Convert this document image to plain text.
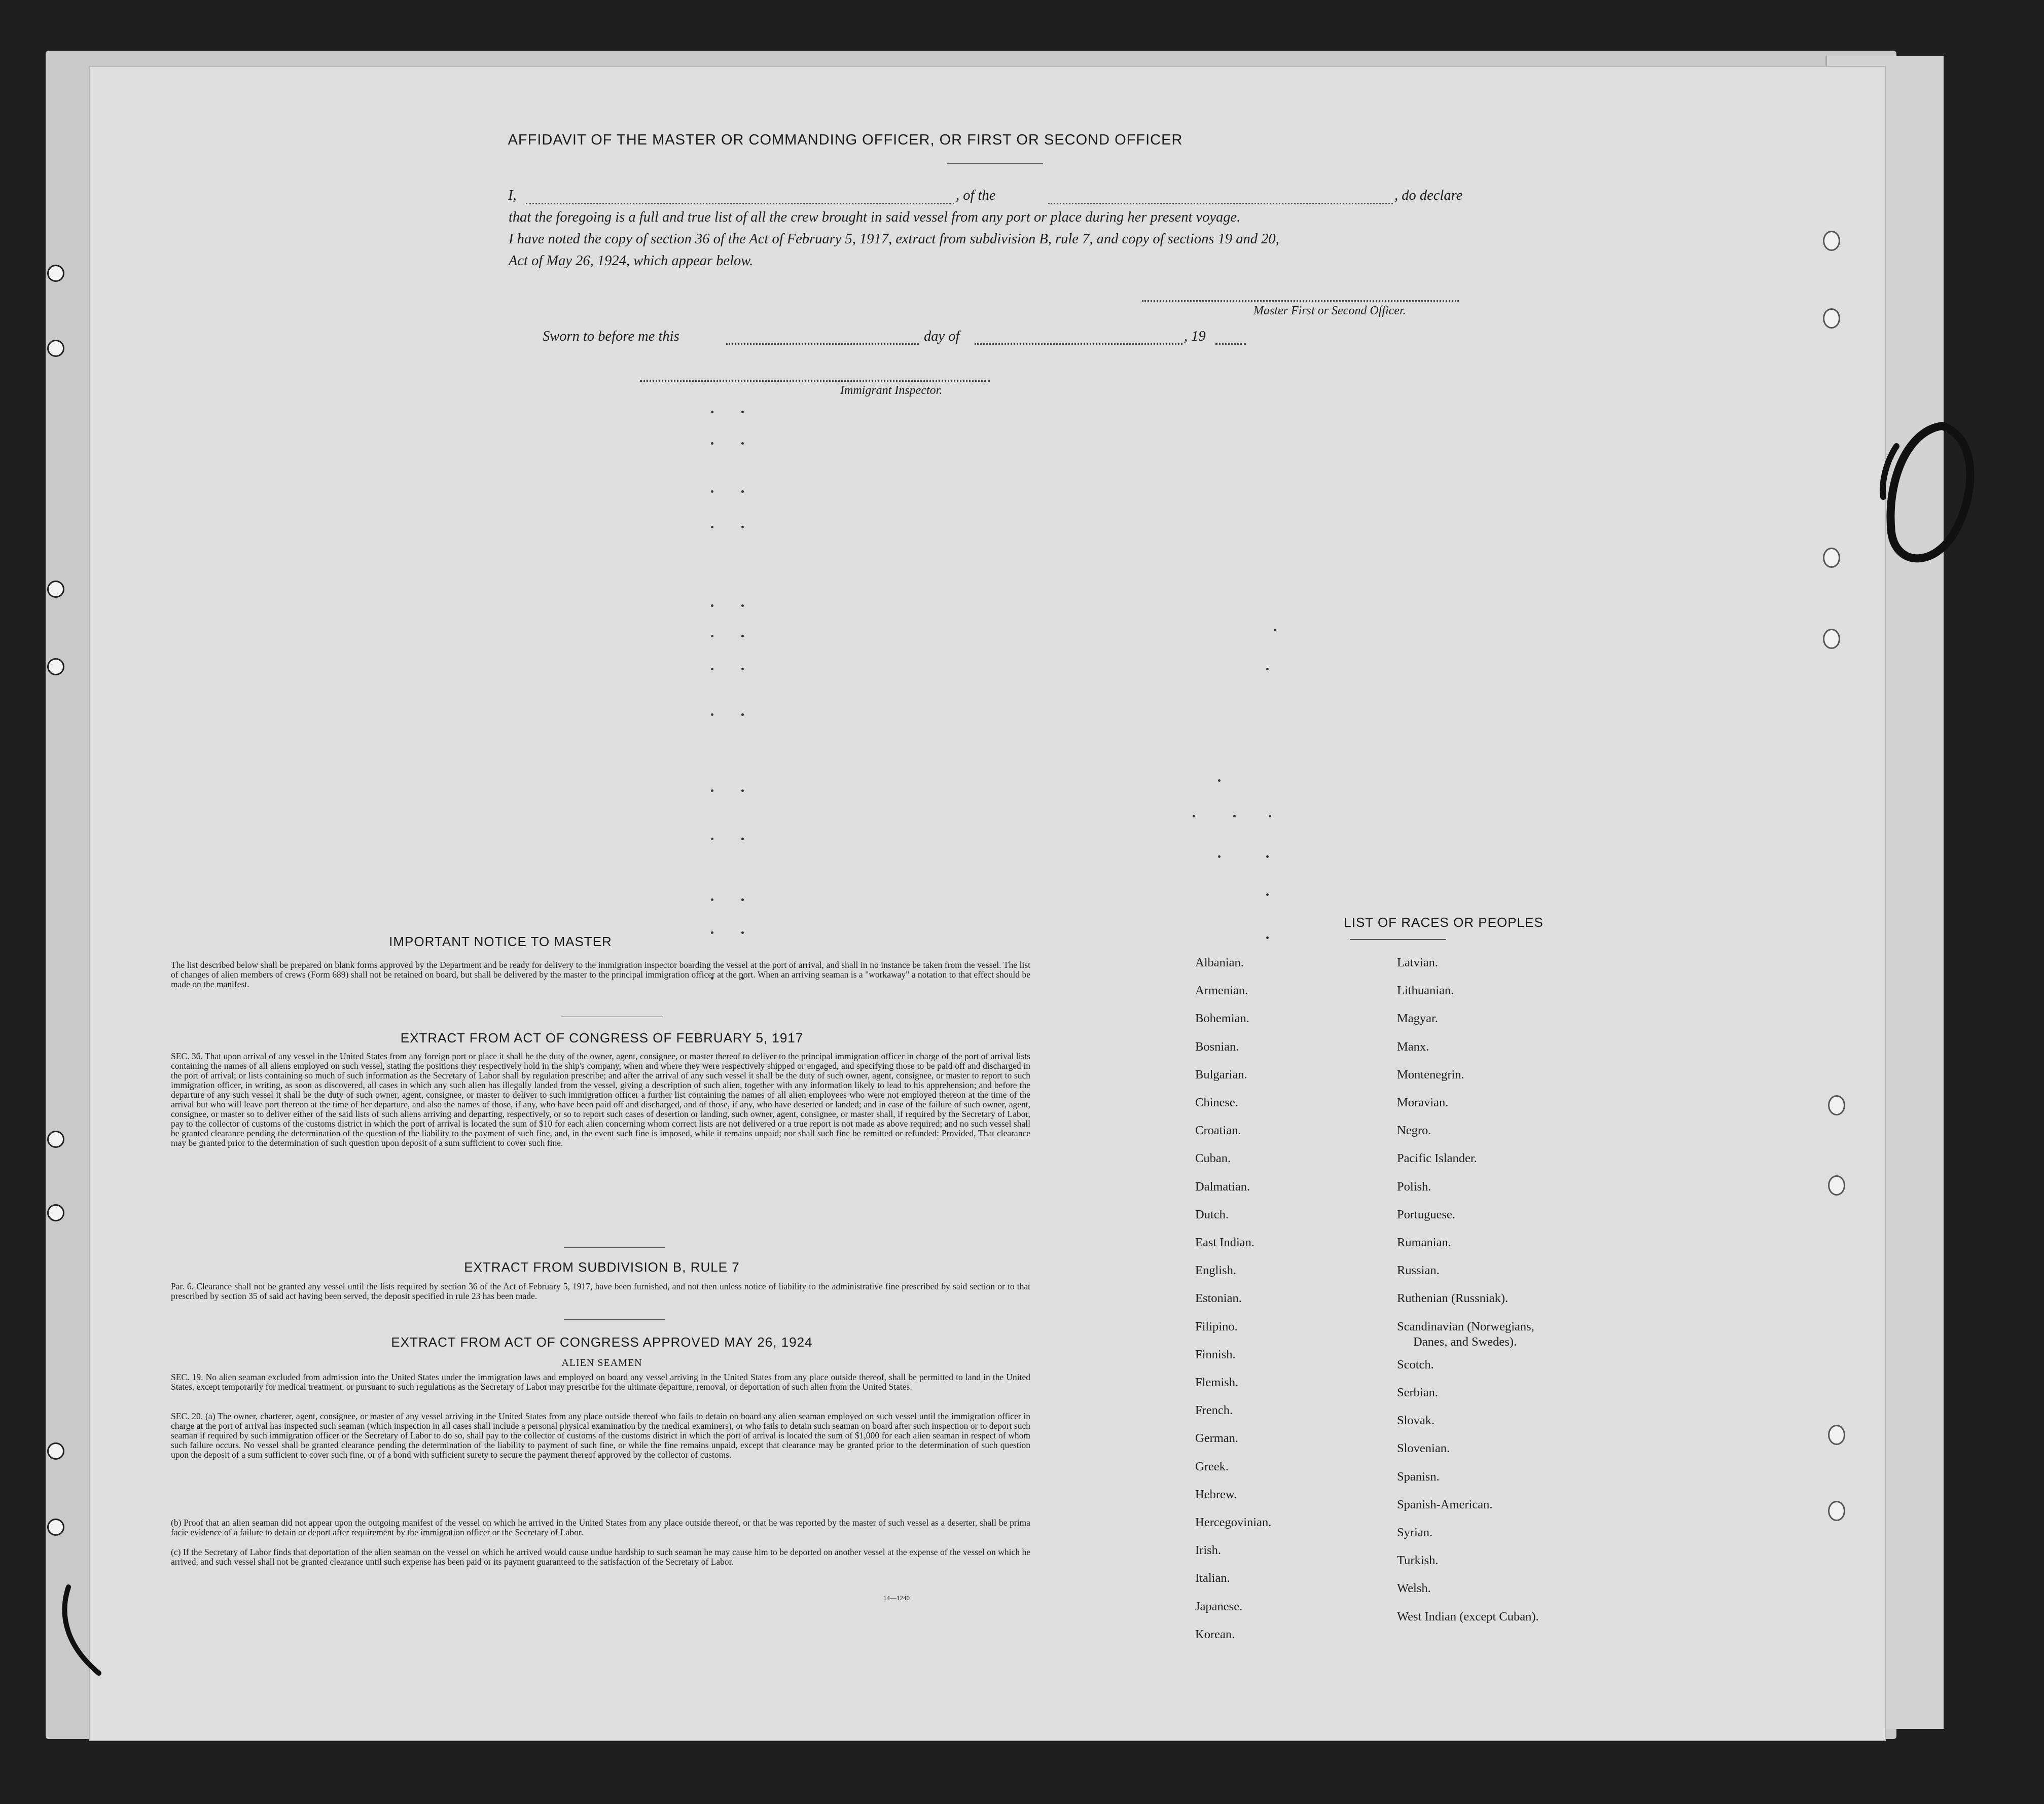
AFFIDAVIT OF THE MASTER OR COMMANDING OFFICER, OR FIRST OR SECOND OFFICER
I,	, of the	, do declare
that the foregoing is a full and true list of all the crew brought in said vessel from any port or place during her present voyage.
I have noted the copy of section 36 of the Act of February 5, 1917, extract from subdivision B, rule 7, and copy of sections 19 and 20,
Act of May 26, 1924, which appear below.
Master First or Second Officer.
Sworn to before me this	day of	, 19
Immigrant Inspector.
IMPORTANT NOTICE TO MASTER
The list described below shall be prepared on blank forms approved by the Department and be ready for delivery to the immigration inspector boarding the vessel at the port of arrival, and shall in no instance be taken from the vessel. The list of changes of alien members of crews (Form 689) shall not be retained on board, but shall be delivered by the master to the principal immigration officer at the port. When an arriving seaman is a "workaway" a notation to that effect should be made on the manifest.
EXTRACT FROM ACT OF CONGRESS OF FEBRUARY 5, 1917
SEC. 36. That upon arrival of any vessel in the United States from any foreign port or place it shall be the duty of the owner, agent, consignee, or master thereof to deliver to the principal immigration officer in charge of the port of arrival lists containing the names of all aliens employed on such vessel, stating the positions they respectively hold in the ship's company, when and where they were respectively shipped or engaged, and specifying those to be paid off and discharged in the port of arrival; or lists containing so much of such information as the Secretary of Labor shall by regulation prescribe; and after the arrival of any such vessel it shall be the duty of such owner, agent, consignee, or master to report to such immigration officer, in writing, as soon as discovered, all cases in which any such alien has illegally landed from the vessel, giving a description of such alien, together with any information likely to lead to his apprehension; and before the departure of any such vessel it shall be the duty of such owner, agent, consignee, or master to deliver to such immigration officer a further list containing the names of all alien employees who were not employed thereon at the time of the arrival but who will leave port thereon at the time of her departure, and also the names of those, if any, who have been paid off and discharged, and of those, if any, who have deserted or landed; and in case of the failure of such owner, agent, consignee, or master so to deliver either of the said lists of such aliens arriving and departing, respectively, or so to report such cases of desertion or landing, such owner, agent, consignee, or master shall, if required by the Secretary of Labor, pay to the collector of customs of the customs district in which the port of arrival is located the sum of $10 for each alien concerning whom correct lists are not delivered or a true report is not made as above required; and no such vessel shall be granted clearance pending the determination of the question of the liability to the payment of such fine, and, in the event such fine is imposed, while it remains unpaid; nor shall such fine be remitted or refunded: Provided, That clearance may be granted prior to the determination of such question upon deposit of a sum sufficient to cover such fine.
EXTRACT FROM SUBDIVISION B, RULE 7
Par. 6. Clearance shall not be granted any vessel until the lists required by section 36 of the Act of February 5, 1917, have been furnished, and not then unless notice of liability to the administrative fine prescribed by said section or to that prescribed by section 35 of said act having been served, the deposit specified in rule 23 has been made.
EXTRACT FROM ACT OF CONGRESS APPROVED MAY 26, 1924
ALIEN SEAMEN
SEC. 19. No alien seaman excluded from admission into the United States under the immigration laws and employed on board any vessel arriving in the United States from any place outside thereof, shall be permitted to land in the United States, except temporarily for medical treatment, or pursuant to such regulations as the Secretary of Labor may prescribe for the ultimate departure, removal, or deportation of such alien from the United States.
SEC. 20. (a) The owner, charterer, agent, consignee, or master of any vessel arriving in the United States from any place outside thereof who fails to detain on board any alien seaman employed on such vessel until the immigration officer in charge at the port of arrival has inspected such seaman (which inspection in all cases shall include a personal physical examination by the medical examiners), or who fails to detain such seaman on board after such inspection or to deport such seaman if required by such immigration officer or the Secretary of Labor to do so, shall pay to the collector of customs of the customs district in which the port of arrival is located the sum of $1,000 for each alien seaman in respect of whom such failure occurs. No vessel shall be granted clearance pending the determination of the liability to payment of such fine, or while the fine remains unpaid, except that clearance may be granted prior to the determination of such question upon the deposit of a sum sufficient to cover such fine, or of a bond with sufficient surety to secure the payment thereof approved by the collector of customs.
(b) Proof that an alien seaman did not appear upon the outgoing manifest of the vessel on which he arrived in the United States from any place outside thereof, or that he was reported by the master of such vessel as a deserter, shall be prima facie evidence of a failure to detain or deport after requirement by the immigration officer or the Secretary of Labor.
(c) If the Secretary of Labor finds that deportation of the alien seaman on the vessel on which he arrived would cause undue hardship to such seaman he may cause him to be deported on another vessel at the expense of the vessel on which he arrived, and such vessel shall not be granted clearance until such expense has been paid or its payment guaranteed to the satisfaction of the Secretary of Labor.
14—1240
LIST OF RACES OR PEOPLES
Albanian.
Armenian.
Bohemian.
Bosnian.
Bulgarian.
Chinese.
Croatian.
Cuban.
Dalmatian.
Dutch.
East Indian.
English.
Estonian.
Filipino.
Finnish.
Flemish.
French.
German.
Greek.
Hebrew.
Hercegovinian.
Irish.
Italian.
Japanese.
Korean.
Latvian.
Lithuanian.
Magyar.
Manx.
Montenegrin.
Moravian.
Negro.
Pacific Islander.
Polish.
Portuguese.
Rumanian.
Russian.
Ruthenian (Russniak).
Scandinavian (Norwegians,
Danes, and Swedes).
Scotch.
Serbian.
Slovak.
Slovenian.
Spanisn.
Spanish-American.
Syrian.
Turkish.
Welsh.
West Indian (except Cuban).
